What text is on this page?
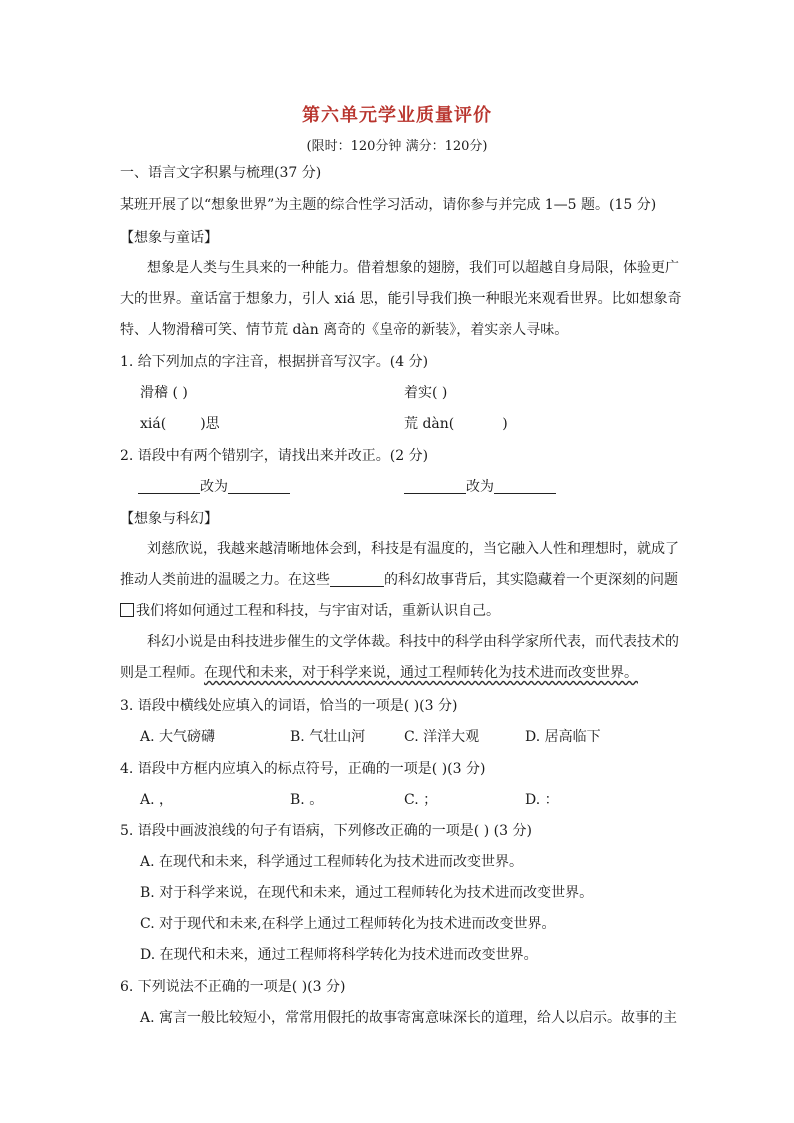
第六单元学业质量评价
(限时：120分钟 满分：120分)
一、语言文字积累与梳理(37 分)
某班开展了以“想象世界”为主题的综合性学习活动，请你参与并完成 1—5 题。(15 分)
【想象与童话】
想象是人类与生具来的一种能力。借着想象的翅膀，我们可以超越自身局限，体验更广
大的世界。童话富于想象力，引人 xiá 思，能引导我们换一种眼光来观看世界。比如想象奇
特、人物滑稽可笑、情节荒 dàn 离奇的《皇帝的新装》，着实亲人寻味。
1. 给下列加点的字注音，根据拼音写汉字。(4 分)
滑稽 ( )	着实( )
xiá( )思	荒 dàn(	)
2. 语段中有两个错别字，请找出来并改正。(2 分)
改为	改为
【想象与科幻】
刘慈欣说，我越来越清晰地体会到，科技是有温度的，当它融入人性和理想时，就成了
推动人类前进的温暖之力。在这些	的科幻故事背后，其实隐藏着一个更深刻的问题
我们将如何通过工程和科技，与宇宙对话，重新认识自己。
科幻小说是由科技进步催生的文学体裁。科技中的科学由科学家所代表，而代表技术的
则是工程师。在现代和未来，对于科学来说，通过工程师转化为技术进而改变世界。
3. 语段中横线处应填入的词语，恰当的一项是( )(3 分)
A. 大气磅礴	B. 气壮山河	C. 洋洋大观	D. 居高临下
4. 语段中方框内应填入的标点符号，正确的一项是( )(3 分)
A. ，	B. 。	C. ；	D. ：
5. 语段中画波浪线的句子有语病，下列修改正确的一项是( ) (3 分)
A. 在现代和未来，科学通过工程师转化为技术进而改变世界。
B. 对于科学来说，在现代和未来，通过工程师转化为技术进而改变世界。
C. 对于现代和未来,在科学上通过工程师转化为技术进而改变世界。
D. 在现代和未来，通过工程师将科学转化为技术进而改变世界。
6. 下列说法不正确的一项是( )(3 分)
A. 寓言一般比较短小，常常用假托的故事寄寓意味深长的道理，给人以启示。故事的主
